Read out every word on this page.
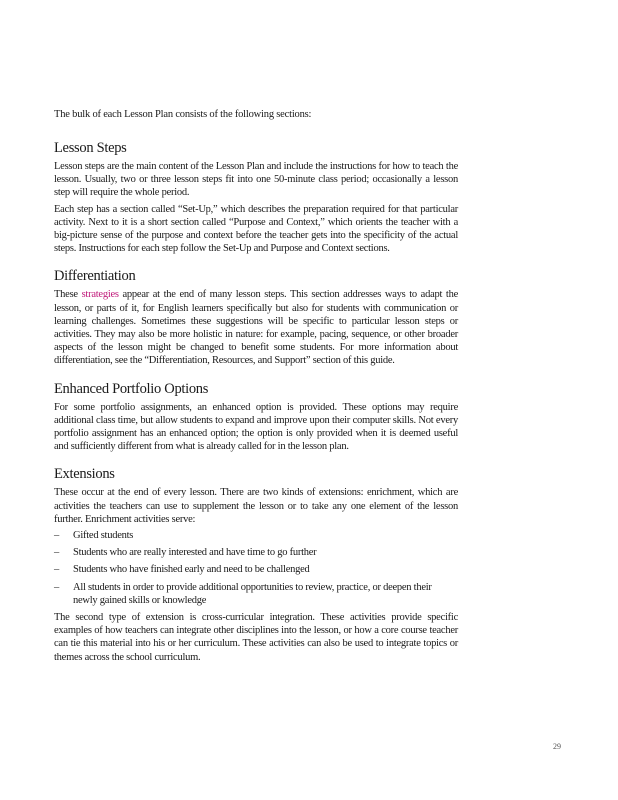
The bulk of each Lesson Plan consists of the following sections:

Lesson Steps

Lesson steps are the main content of the Lesson Plan and include the instructions for how to teach the lesson. Usually, two or three lesson steps fit into one 50-minute class period; occasionally a lesson step will require the whole period.

Each step has a section called “Set-Up,” which describes the preparation required for that particular activity. Next to it is a short section called “Purpose and Context,” which orients the teacher with a big-picture sense of the purpose and context before the teacher gets into the specificity of the actual steps. Instructions for each step follow the Set-Up and Purpose and Context sections.

Differentiation

These strategies appear at the end of many lesson steps. This section addresses ways to adapt the lesson, or parts of it, for English learners specifically but also for students with communication or learning challenges. Sometimes these suggestions will be specific to particular lesson steps or activities. They may also be more holistic in nature: for example, pacing, sequence, or other broader aspects of the lesson might be changed to benefit some students. For more information about differentiation, see the “Differentiation, Resources, and Support” section of this guide.

Enhanced Portfolio Options

For some portfolio assignments, an enhanced option is provided. These options may require additional class time, but allow students to expand and improve upon their computer skills. Not every portfolio assignment has an enhanced option; the option is only provided when it is deemed useful and sufficiently different from what is already called for in the lesson plan.

Extensions

These occur at the end of every lesson. There are two kinds of extensions: enrichment, which are activities the teachers can use to supplement the lesson or to take any one element of the lesson further. Enrichment activities serve:

– Gifted students
– Students who are really interested and have time to go further
– Students who have finished early and need to be challenged
– All students in order to provide additional opportunities to review, practice, or deepen their newly gained skills or knowledge

The second type of extension is cross-curricular integration. These activities provide specific examples of how teachers can integrate other disciplines into the lesson, or how a core course teacher can tie this material into his or her curriculum. These activities can also be used to integrate topics or themes across the school curriculum.

29
